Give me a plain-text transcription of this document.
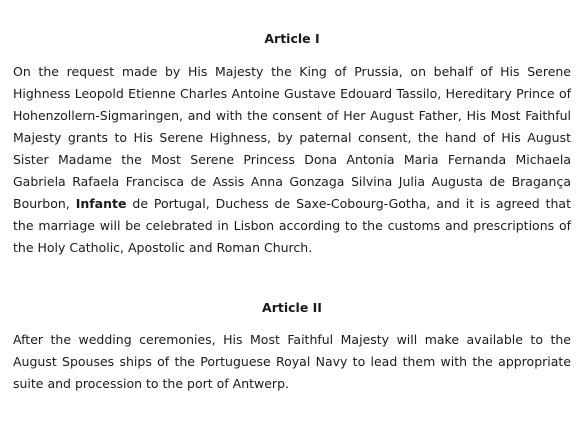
Article I

On the request made by His Majesty the King of Prussia, on behalf of His Serene Highness Leopold Etienne Charles Antoine Gustave Edouard Tassilo, Hereditary Prince of Hohenzollern-Sigmaringen, and with the consent of Her August Father, His Most Faithful Majesty grants to His Serene Highness, by paternal consent, the hand of His August Sister Madame the Most Serene Princess Dona Antonia Maria Fernanda Michaela Gabriela Rafaela Francisca de Assis Anna Gonzaga Silvina Julia Augusta de Bragança Bourbon, Infante de Portugal, Duchess de Saxe-Cobourg-Gotha, and it is agreed that the marriage will be celebrated in Lisbon according to the customs and prescriptions of the Holy Catholic, Apostolic and Roman Church.

Article II

After the wedding ceremonies, His Most Faithful Majesty will make available to the August Spouses ships of the Portuguese Royal Navy to lead them with the appropriate suite and procession to the port of Antwerp.
